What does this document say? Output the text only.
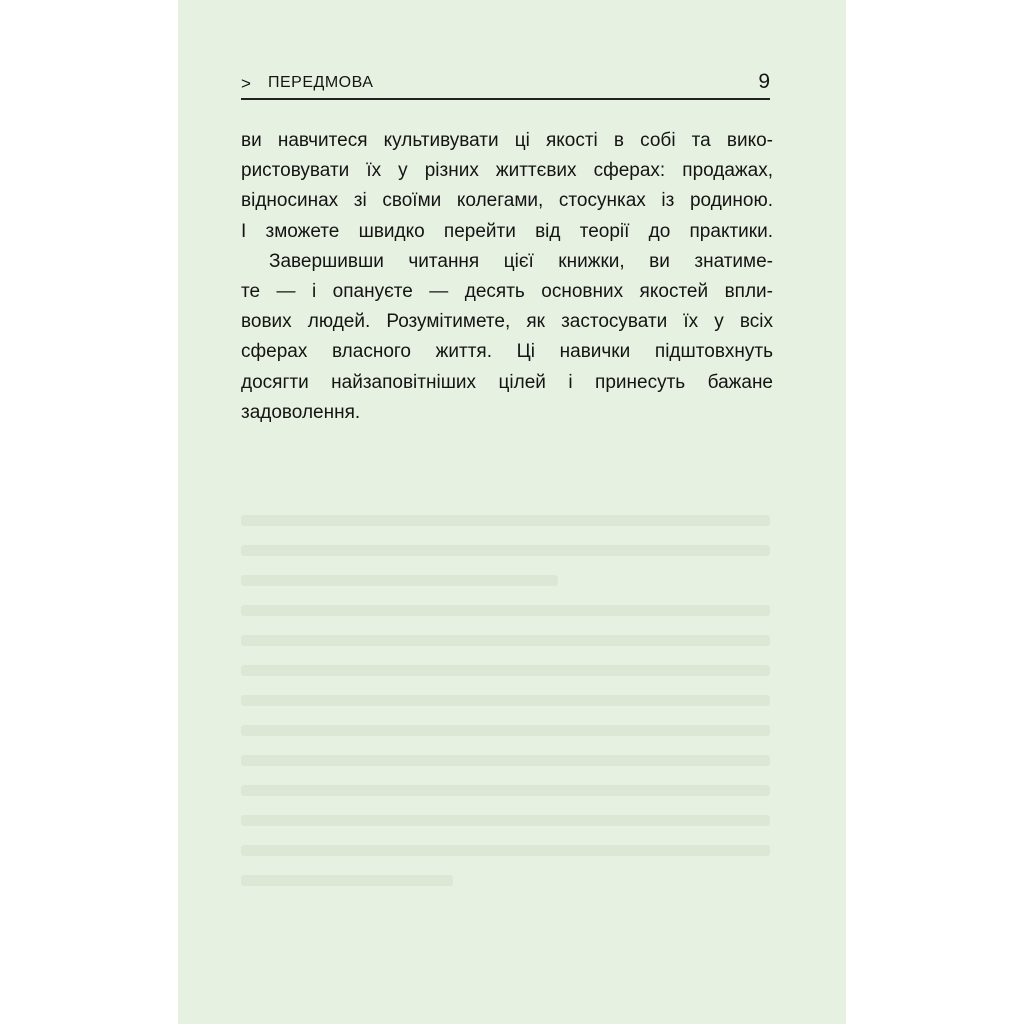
> ПЕРЕДМОВА	9
ви навчитеся культивувати ці якості в собі та вико-
ристовувати їх у різних життєвих сферах: продажах,
відносинах зі своїми колегами, стосунках із родиною.
І зможете швидко перейти від теорії до практики.
Завершивши читання цієї книжки, ви знатиме-
те — і опануєте — десять основних якостей впли-
вових людей. Розумітимете, як застосувати їх у всіх
сферах власного життя. Ці навички підштовхнуть
досягти найзаповітніших цілей і принесуть бажане
задоволення.
